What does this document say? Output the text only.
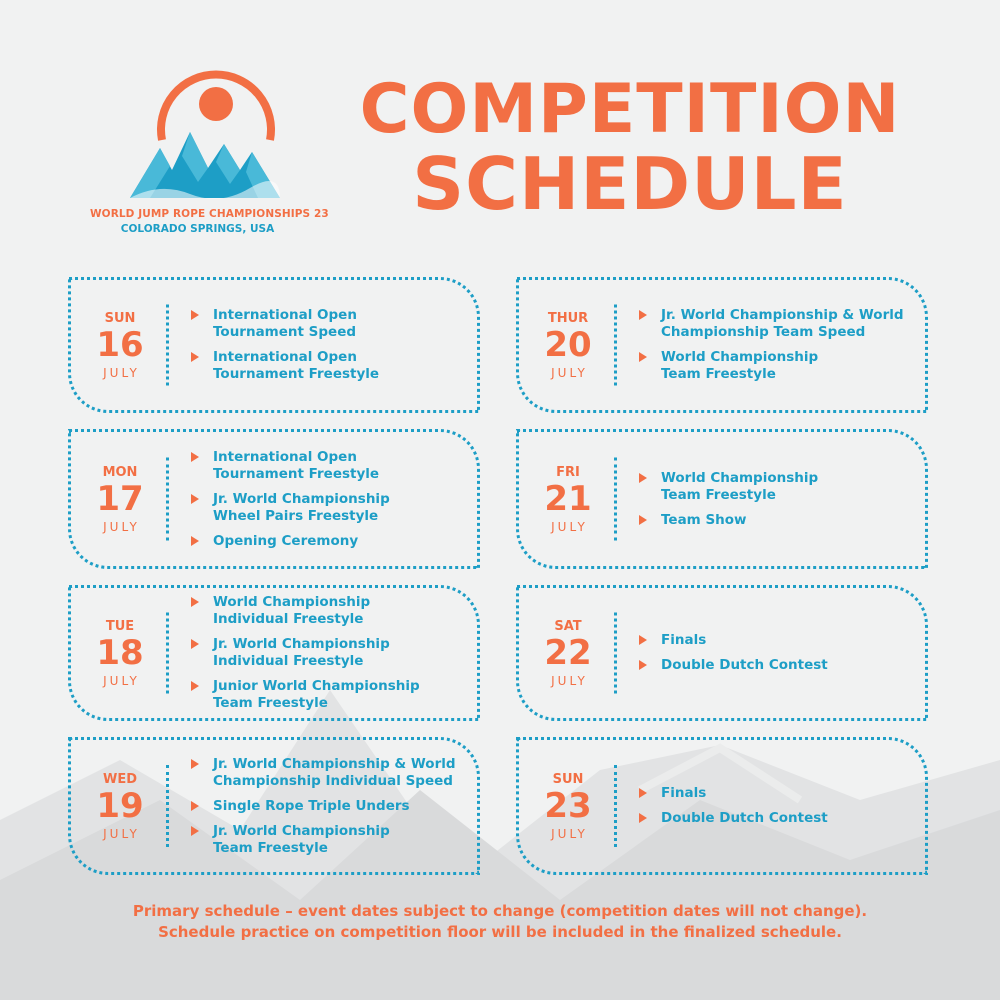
WORLD JUMP ROPE CHAMPIONSHIPS 23
COLORADO SPRINGS, USA
COMPETITION
SCHEDULE
SUN
16
JULY
International Open
Tournament Speed
International Open
Tournament Freestyle
THUR
20
JULY
Jr. World Championship & World
Championship Team Speed
World Championship
Team Freestyle
MON
17
JULY
International Open
Tournament Freestyle
Jr. World Championship
Wheel Pairs Freestyle
Opening Ceremony
FRI
21
JULY
World Championship
Team Freestyle
Team Show
TUE
18
JULY
World Championship
Individual Freestyle
Jr. World Championship
Individual Freestyle
Junior World Championship
Team Freestyle
SAT
22
JULY
Finals
Double Dutch Contest
WED
19
JULY
Jr. World Championship & World
Championship Individual Speed
Single Rope Triple Unders
Jr. World Championship
Team Freestyle
SUN
23
JULY
Finals
Double Dutch Contest
Primary schedule – event dates subject to change (competition dates will not change).
Schedule practice on competition floor will be included in the finalized schedule.
